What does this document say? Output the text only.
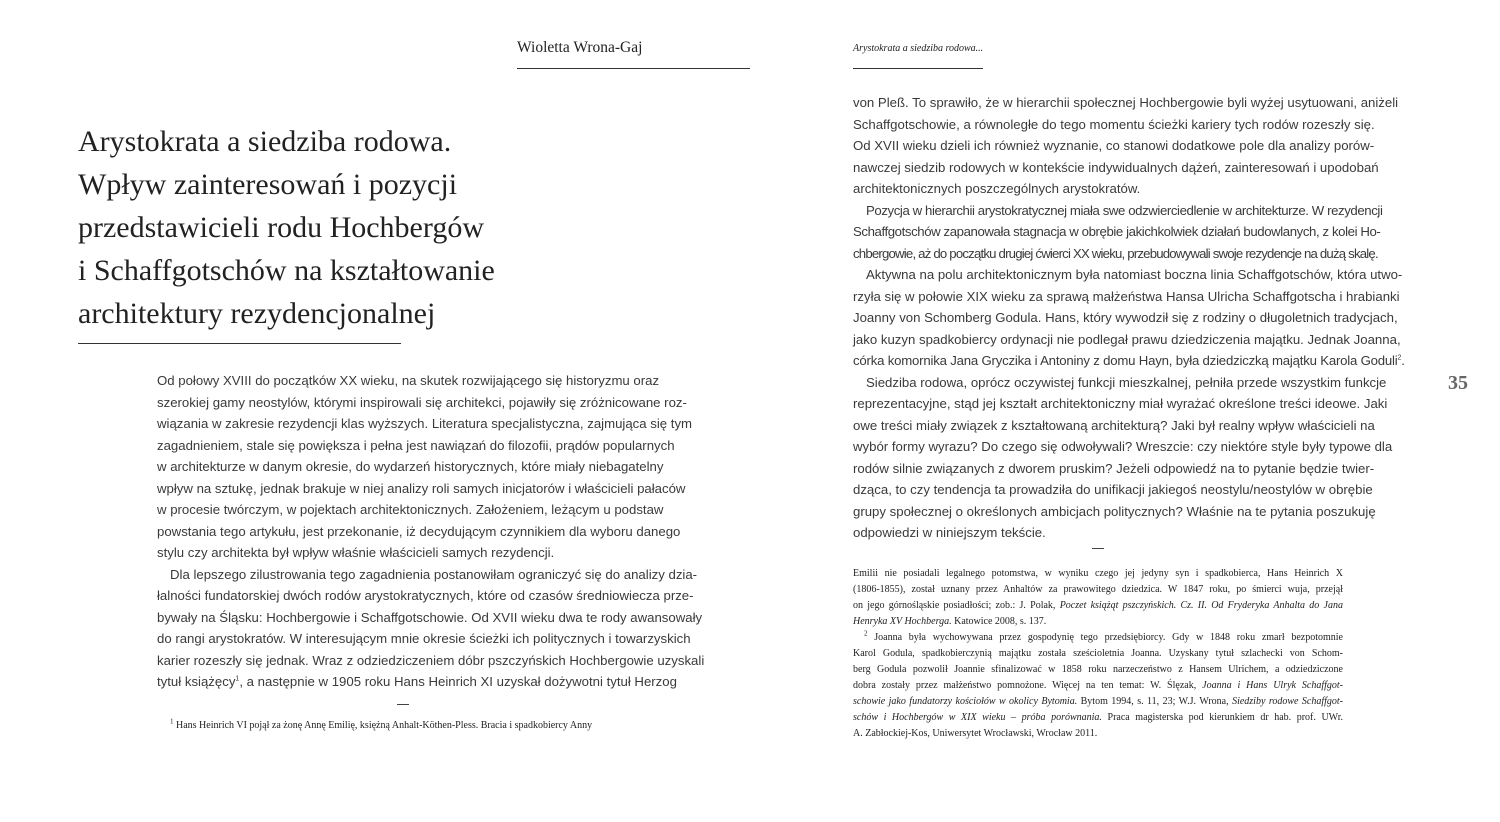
Wioletta Wrona-Gaj	Arystokrata a siedziba rodowa...
Arystokrata a siedziba rodowa.
Wpływ zainteresowań i pozycji
przedstawicieli rodu Hochbergów
i Schaffgotschów na kształtowanie
architektury rezydencjonalnej
Od połowy XVIII do początków XX wieku, na skutek rozwijającego się historyzmu oraz
szerokiej gamy neostylów, którymi inspirowali się architekci, pojawiły się zróżnicowane roz-
wiązania w zakresie rezydencji klas wyższych. Literatura specjalistyczna, zajmująca się tym
zagadnieniem, stale się powiększa i pełna jest nawiązań do filozofii, prądów popularnych
w architekturze w danym okresie, do wydarzeń historycznych, które miały niebagatelny
wpływ na sztukę, jednak brakuje w niej analizy roli samych inicjatorów i właścicieli pałaców
w procesie twórczym, w pojektach architektonicznych. Założeniem, leżącym u podstaw
powstania tego artykułu, jest przekonanie, iż decydującym czynnikiem dla wyboru danego
stylu czy architekta był wpływ właśnie właścicieli samych rezydencji.
Dla lepszego zilustrowania tego zagadnienia postanowiłam ograniczyć się do analizy dzia-
łalności fundatorskiej dwóch rodów arystokratycznych, które od czasów średniowiecza prze-
bywały na Śląsku: Hochbergowie i Schaffgotschowie. Od XVII wieku dwa te rody awansowały
do rangi arystokratów. W interesującym mnie okresie ścieżki ich politycznych i towarzyskich
karier rozeszły się jednak. Wraz z odziedziczeniem dóbr pszczyńskich Hochbergowie uzyskali
tytuł książęcy$^1$, a następnie w 1905 roku Hans Heinrich XI uzyskał dożywotni tytuł Herzog
$^1$ Hans Heinrich VI pojął za żonę Annę Emilię, księżną Anhalt-Köthen-Pless. Bracia i spadkobiercy Anny
von Pleß. To sprawiło, że w hierarchii społecznej Hochbergowie byli wyżej usytuowani, aniżeli
Schaffgotschowie, a równoległe do tego momentu ścieżki kariery tych rodów rozeszły się.
Od XVII wieku dzieli ich również wyznanie, co stanowi dodatkowe pole dla analizy porów-
nawczej siedzib rodowych w kontekście indywidualnych dążeń, zainteresowań i upodobań
architektonicznych poszczególnych arystokratów.
Pozycja w hierarchii arystokratycznej miała swe odzwierciedlenie w architekturze. W rezydencji
Schaffgotschów zapanowała stagnacja w obrębie jakichkolwiek działań budowlanych, z kolei Ho-
chbergowie, aż do początku drugiej ćwierci XX wieku, przebudowywali swoje rezydencje na dużą skalę.
Aktywna na polu architektonicznym była natomiast boczna linia Schaffgotschów, która utwo-
rzyła się w połowie XIX wieku za sprawą małżeństwa Hansa Ulricha Schaffgotscha i hrabianki
Joanny von Schomberg Godula. Hans, który wywodził się z rodziny o długoletnich tradycjach,
jako kuzyn spadkobiercy ordynacji nie podlegał prawu dziedziczenia majątku. Jednak Joanna,
córka komornika Jana Gryczika i Antoniny z domu Hayn, była dziedziczką majątku Karola Goduli$^2$.
Siedziba rodowa, oprócz oczywistej funkcji mieszkalnej, pełniła przede wszystkim funkcje
reprezentacyjne, stąd jej kształt architektoniczny miał wyrażać określone treści ideowe. Jaki
owe treści miały związek z kształtowaną architekturą? Jaki był realny wpływ właścicieli na
wybór formy wyrazu? Do czego się odwoływali? Wreszcie: czy niektóre style były typowe dla
rodów silnie związanych z dworem pruskim? Jeżeli odpowiedź na to pytanie będzie twier-
dząca, to czy tendencja ta prowadziła do unifikacji jakiegoś neostylu/neostylów w obrębie
grupy społecznej o określonych ambicjach politycznych? Właśnie na te pytania poszukuję
odpowiedzi w niniejszym tekście.
Emilii nie posiadali legalnego potomstwa, w wyniku czego jej jedyny syn i spadkobierca, Hans Heinrich X
(1806-1855), został uznany przez Anhaltów za prawowitego dziedzica. W 1847 roku, po śmierci wuja, przejął
on jego górnośląskie posiadłości; zob.: J. Polak, Poczet książąt pszczyńskich. Cz. II. Od Fryderyka Anhalta do Jana
Henryka XV Hochberga. Katowice 2008, s. 137.
$^2$ Joanna była wychowywana przez gospodynię tego przedsiębiorcy. Gdy w 1848 roku zmarł bezpotomnie
Karol Godula, spadkobierczynią majątku została sześcioletnia Joanna. Uzyskany tytuł szlachecki von Schom-
berg Godula pozwolił Joannie sfinalizować w 1858 roku narzeczeństwo z Hansem Ulrichem, a odziedziczone
dobra zostały przez małżeństwo pomnożone. Więcej na ten temat: W. Ślęzak, Joanna i Hans Ulryk Schaffgot-
schowie jako fundatorzy kościołów w okolicy Bytomia. Bytom 1994, s. 11, 23; W.J. Wrona, Siedziby rodowe Schaffgot-
schów i Hochbergów w XIX wieku – próba porównania. Praca magisterska pod kierunkiem dr hab. prof. UWr.
A. Zabłockiej-Kos, Uniwersytet Wrocławski, Wrocław 2011.
35
